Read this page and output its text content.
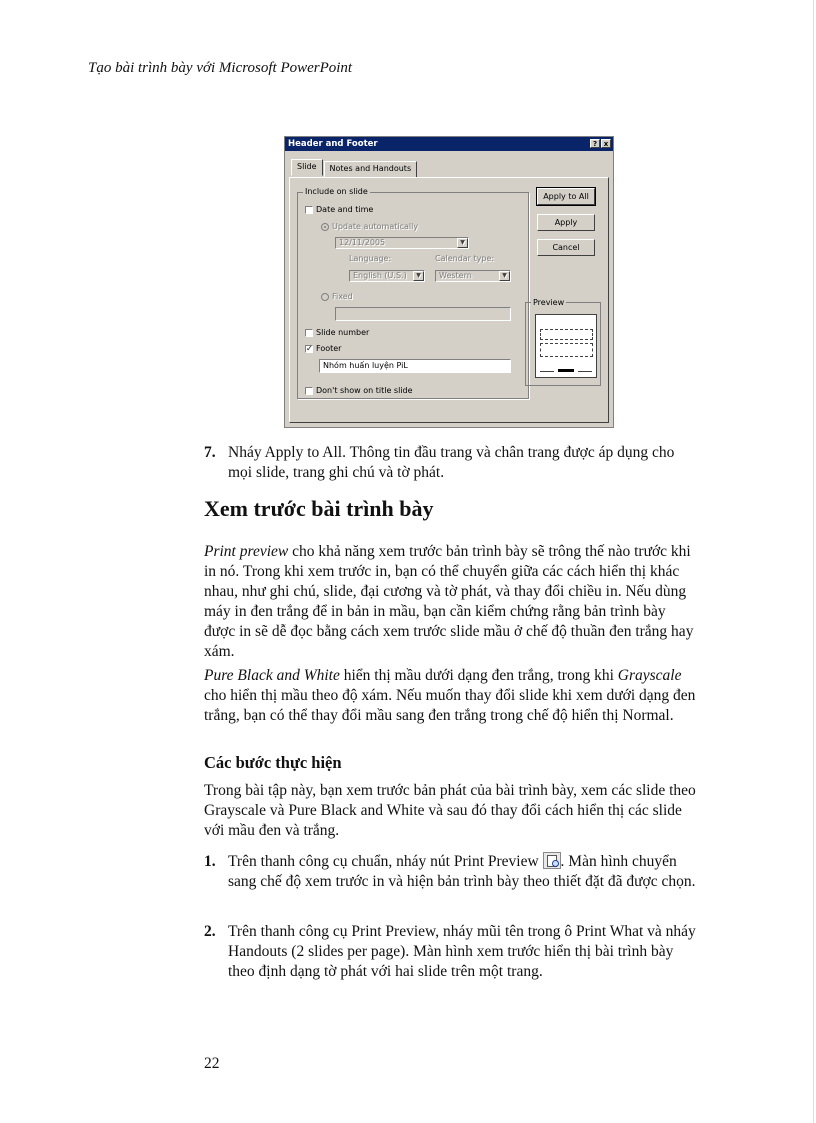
Tạo bài trình bày với Microsoft PowerPoint
Header and Footer	? x
Slide	Notes and Handouts
Include on slide
Date and time
Update automatically
12/11/2005	▼
Language:	Calendar type:
English (U.S.)	▼	Western	▼
Fixed
Slide number
✓ Footer
Nhóm huấn luyện PiL
Don't show on title slide
Apply to All
Apply
Cancel
Preview
7. Nháy Apply to All. Thông tin đầu trang và chân trang được áp dụng cho mọi slide, trang ghi chú và tờ phát.
Xem trước bài trình bày
Print preview cho khả năng xem trước bản trình bày sẽ trông thế nào trước khi in nó. Trong khi xem trước in, bạn có thể chuyển giữa các cách hiển thị khác nhau, như ghi chú, slide, đại cương và tờ phát, và thay đổi chiều in. Nếu dùng máy in đen trắng để in bản in mầu, bạn cần kiểm chứng rằng bản trình bày được in sẽ dễ đọc bằng cách xem trước slide mầu ở chế độ thuần đen trắng hay xám.
Pure Black and White hiển thị mầu dưới dạng đen trắng, trong khi Grayscale cho hiển thị mầu theo độ xám. Nếu muốn thay đổi slide khi xem dưới dạng đen trắng, bạn có thể thay đổi mầu sang đen trắng trong chế độ hiển thị Normal.
Các bước thực hiện
Trong bài tập này, bạn xem trước bản phát của bài trình bày, xem các slide theo Grayscale và Pure Black and White và sau đó thay đổi cách hiển thị các slide với mầu đen và trắng.
1. Trên thanh công cụ chuẩn, nháy nút Print Preview . Màn hình chuyển sang chế độ xem trước in và hiện bản trình bày theo thiết đặt đã được chọn.
2. Trên thanh công cụ Print Preview, nháy mũi tên trong ô Print What và nháy Handouts (2 slides per page). Màn hình xem trước hiển thị bài trình bày theo định dạng tờ phát với hai slide trên một trang.
22
